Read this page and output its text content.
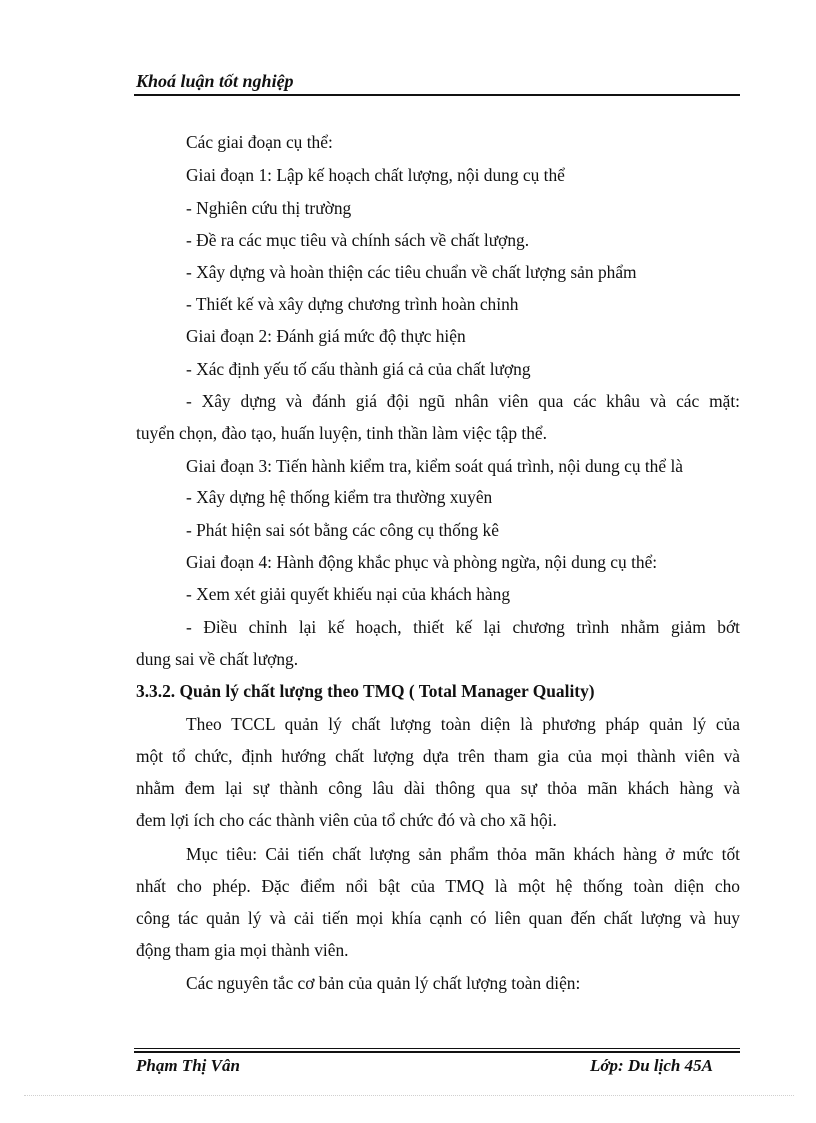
Khoá luận tốt nghiệp
Các giai đoạn cụ thể:
Giai đoạn 1: Lập kế hoạch chất lượng, nội dung cụ thể
- Nghiên cứu thị trường
- Đề ra các mục tiêu và chính sách về chất lượng.
- Xây dựng và hoàn thiện các tiêu chuẩn về chất lượng sản phẩm
- Thiết kế và xây dựng chương trình hoàn chỉnh
Giai đoạn 2: Đánh giá mức độ thực hiện
- Xác định yếu tố cấu thành giá cả của chất lượng
- Xây dựng và đánh giá đội ngũ nhân viên qua các khâu và các mặt:
tuyển chọn, đào tạo, huấn luyện, tinh thần làm việc tập thể.
Giai đoạn 3: Tiến hành kiểm tra, kiểm soát quá trình, nội dung cụ thể là
- Xây dựng hệ thống kiểm tra thường xuyên
- Phát hiện sai sót bằng các công cụ thống kê
Giai đoạn 4: Hành động khắc phục và phòng ngừa, nội dung cụ thể:
- Xem xét giải quyết khiếu nại của khách hàng
- Điều chỉnh lại kế hoạch, thiết kế lại chương trình nhằm giảm bớt
dung sai về chất lượng.
3.3.2. Quản lý chất lượng theo TMQ ( Total Manager Quality)
Theo TCCL quản lý chất lượng toàn diện là phương pháp quản lý của
một tổ chức, định hướng chất lượng dựa trên tham gia của mọi thành viên và
nhằm đem lại sự thành công lâu dài thông qua sự thỏa mãn khách hàng và
đem lợi ích cho các thành viên của tổ chức đó và cho xã hội.
Mục tiêu: Cải tiến chất lượng sản phẩm thỏa mãn khách hàng ở mức tốt
nhất cho phép. Đặc điểm nổi bật của TMQ là một hệ thống toàn diện cho
công tác quản lý và cải tiến mọi khía cạnh có liên quan đến chất lượng và huy
động tham gia mọi thành viên.
Các nguyên tắc cơ bản của quản lý chất lượng toàn diện:
Phạm Thị Vân	Lớp: Du lịch 45A
